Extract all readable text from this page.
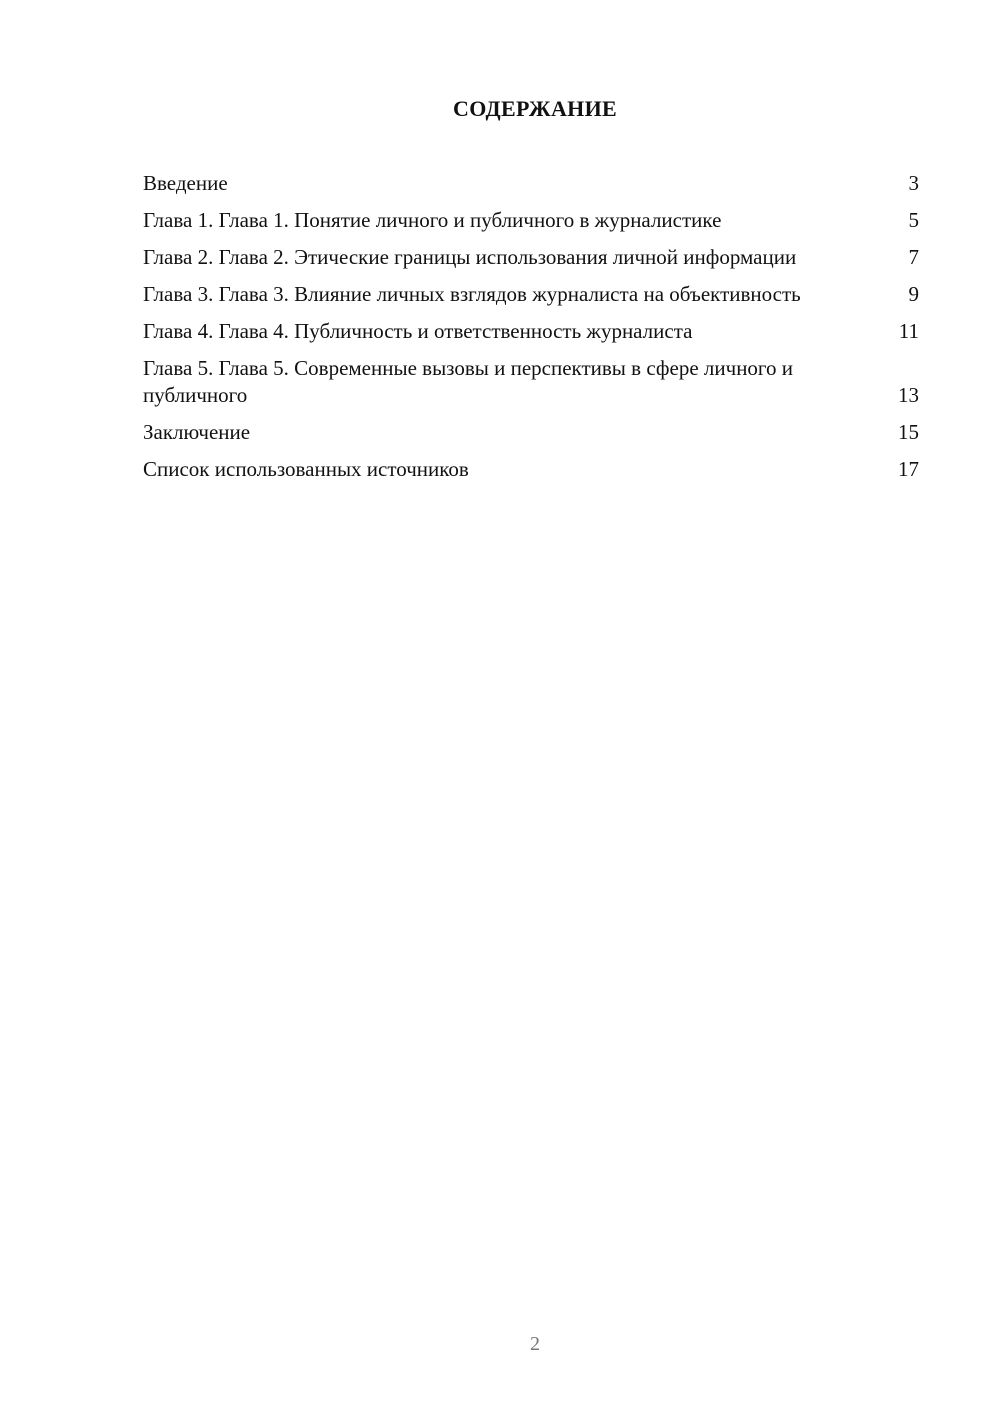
СОДЕРЖАНИЕ
Введение	3
Глава 1. Глава 1. Понятие личного и публичного в журналистике	5
Глава 2. Глава 2. Этические границы использования личной информации	7
Глава 3. Глава 3. Влияние личных взглядов журналиста на объективность	9
Глава 4. Глава 4. Публичность и ответственность журналиста	11
Глава 5. Глава 5. Современные вызовы и перспективы в сфере личного и публичного	13
Заключение	15
Список использованных источников	17
2
